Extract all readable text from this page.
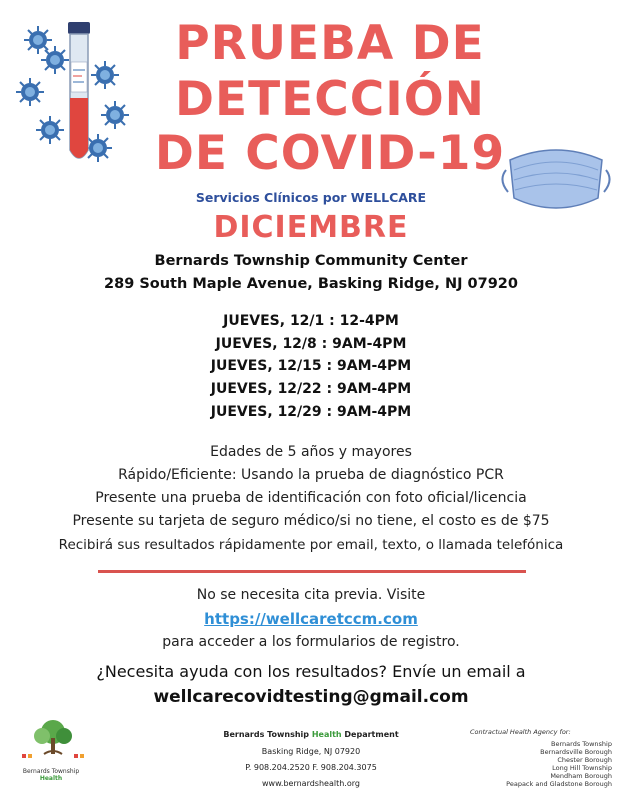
PRUEBA DE
DETECCIÓN
DE COVID-19
Servicios Clínicos por WELLCARE
DICIEMBRE
Bernards Township Community Center
289 South Maple Avenue, Basking Ridge, NJ 07920
JUEVES, 12/1 : 12-4PM
JUEVES, 12/8 : 9AM-4PM
JUEVES, 12/15 : 9AM-4PM
JUEVES, 12/22 : 9AM-4PM
JUEVES, 12/29 : 9AM-4PM
Edades de 5 años y mayores
Rápido/Eficiente: Usando la prueba de diagnóstico PCR
Presente una prueba de identificación con foto oficial/licencia
Presente su tarjeta de seguro médico/si no tiene, el costo es de $75
Recibirá sus resultados rápidamente por email, texto, o llamada telefónica
No se necesita cita previa. Visite
https://wellcaretccm.com
para acceder a los formularios de registro.
¿Necesita ayuda con los resultados? Envíe un email a
wellcarecovidtesting@gmail.com
Bernards Township
Health
Bernards Township Health Department
Basking Ridge, NJ 07920
P. 908.204.2520 F. 908.204.3075
www.bernardshealth.org
Contractual Health Agency for:
Bernards Township
Bernardsville Borough
Chester Borough
Long Hill Township
Mendham Borough
Peapack and Gladstone Borough
